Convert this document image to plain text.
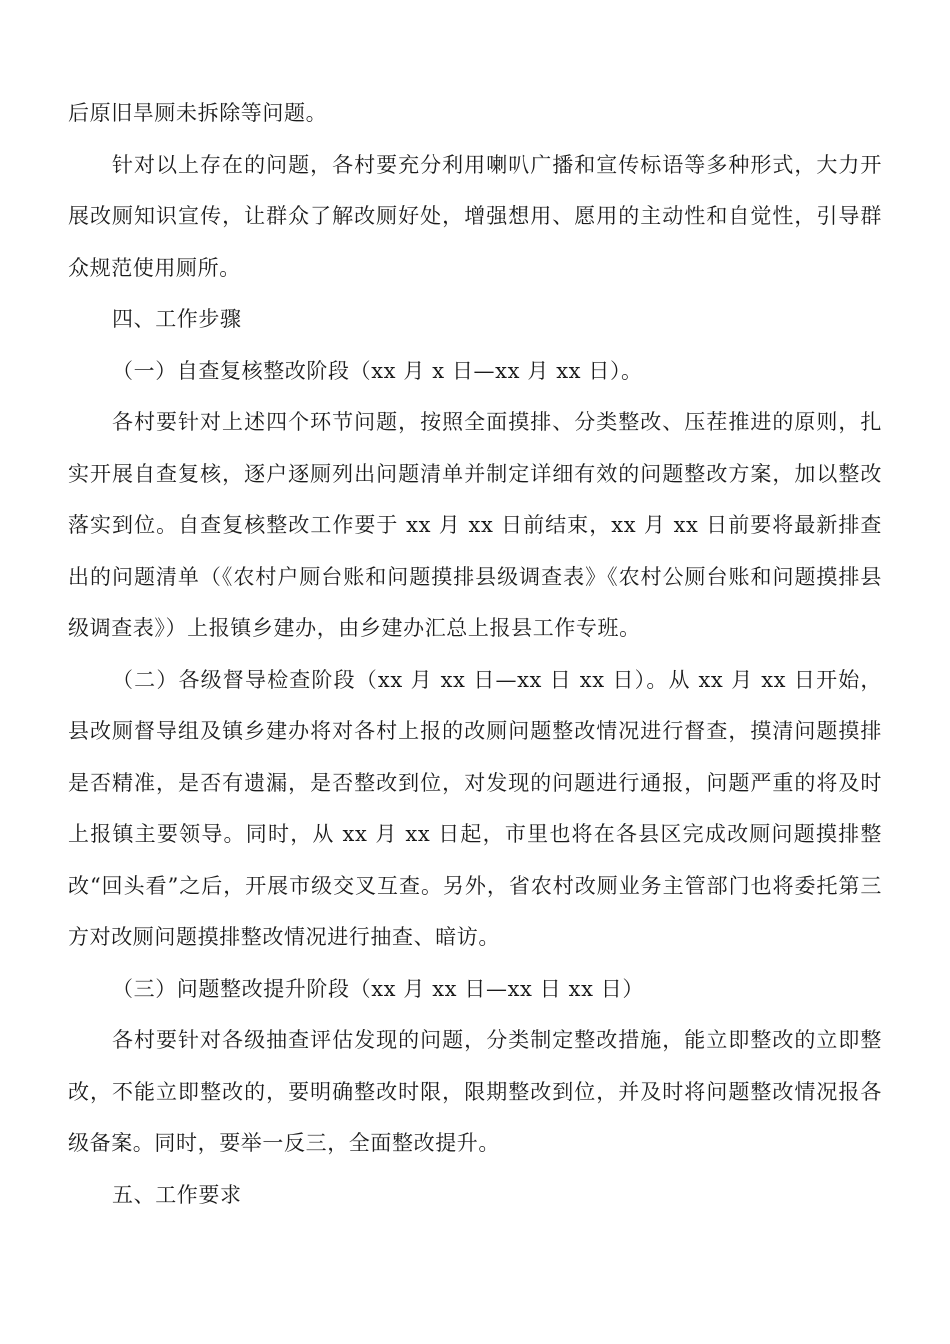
后原旧旱厕未拆除等问题。

针对以上存在的问题，各村要充分利用喇叭广播和宣传标语等多种形式，大力开展改厕知识宣传，让群众了解改厕好处，增强想用、愿用的主动性和自觉性，引导群众规范使用厕所。

四、工作步骤

（一）自查复核整改阶段（xx 月 x 日—xx 月 xx 日）。

各村要针对上述四个环节问题，按照全面摸排、分类整改、压茬推进的原则，扎实开展自查复核，逐户逐厕列出问题清单并制定详细有效的问题整改方案，加以整改落实到位。自查复核整改工作要于 xx 月 xx 日前结束，xx 月 xx 日前要将最新排查出的问题清单（《农村户厕台账和问题摸排县级调查表》《农村公厕台账和问题摸排县级调查表》）上报镇乡建办，由乡建办汇总上报县工作专班。

（二）各级督导检查阶段（xx 月 xx 日—xx 日 xx 日）。从 xx 月 xx 日开始，县改厕督导组及镇乡建办将对各村上报的改厕问题整改情况进行督查，摸清问题摸排是否精准，是否有遗漏，是否整改到位，对发现的问题进行通报，问题严重的将及时上报镇主要领导。同时，从 xx 月 xx 日起，市里也将在各县区完成改厕问题摸排整改“回头看”之后，开展市级交叉互查。另外，省农村改厕业务主管部门也将委托第三方对改厕问题摸排整改情况进行抽查、暗访。

（三）问题整改提升阶段（xx 月 xx 日—xx 日 xx 日）

各村要针对各级抽查评估发现的问题，分类制定整改措施，能立即整改的立即整改，不能立即整改的，要明确整改时限，限期整改到位，并及时将问题整改情况报各级备案。同时，要举一反三，全面整改提升。

五、工作要求
